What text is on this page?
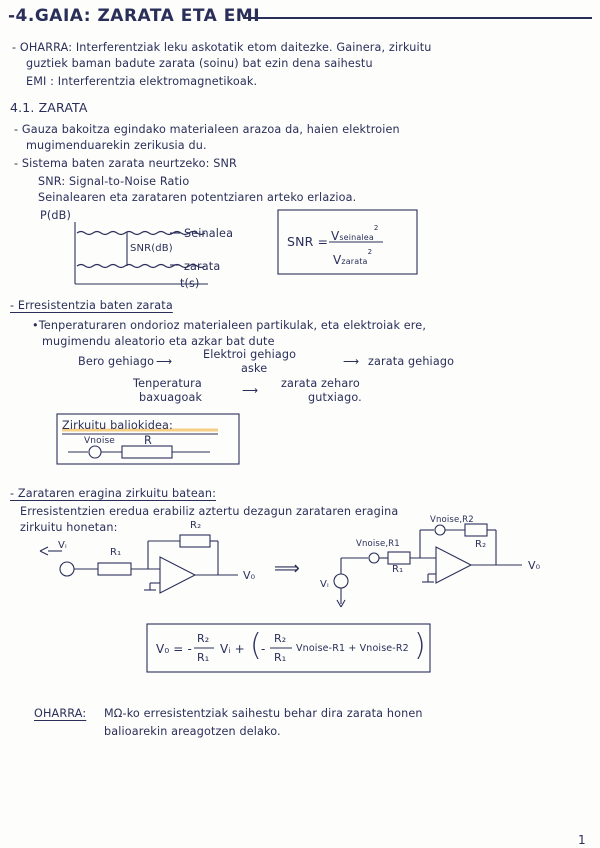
-4.GAIA: ZARATA ETA EMI
- OHARRA: Interferentziak leku askotatik etom daitezke. Gainera, zirkuitu
guztiek baman badute zarata (soinu) bat ezin dena saihestu
EMI : Interferentzia elektromagnetikoak.
4.1. ZARATA
- Gauza bakoitza egindako materialeen arazoa da, haien elektroien
mugimenduarekin zerikusia du.
- Sistema baten zarata neurtzeko: SNR
SNR: Signal-to-Noise Ratio
Seinalearen eta zarataren potentziaren arteko erlazioa.
P(dB)
Seinalea
SNR(dB)
zarata
t(s)
SNR = Vseinalea$^2$
Vzarata$^2$
- Erresistentzia baten zarata
•Tenperaturaren ondorioz materialeen partikulak, eta elektroiak ere,
mugimendu aleatorio eta azkar bat dute
Bero gehiago ⟶
Elektroi gehiago
aske
⟶ zarata gehiago
Tenperatura
baxuagoak
⟶
zarata zeharo
gutxiago.
Zirkuitu baliokidea:
Vnoise	R
- Zarataren eragina zirkuitu batean:
Erresistentzien eredua erabiliz aztertu dezagun zarataren eragina
zirkuitu honetan:
Vᵢ
R₁
R₂
V₀ ⟹
Vnoise,R2
Vnoise,R1
R₁
R₂
Vᵢ
V₀
V₀ = -
R₂
R₁
Vᵢ + ( -
R₂
R₁
Vnoise-R1 + Vnoise-R2 )
OHARRA: MΩ-ko erresistentziak saihestu behar dira zarata honen
balioarekin areagotzen delako.
1
